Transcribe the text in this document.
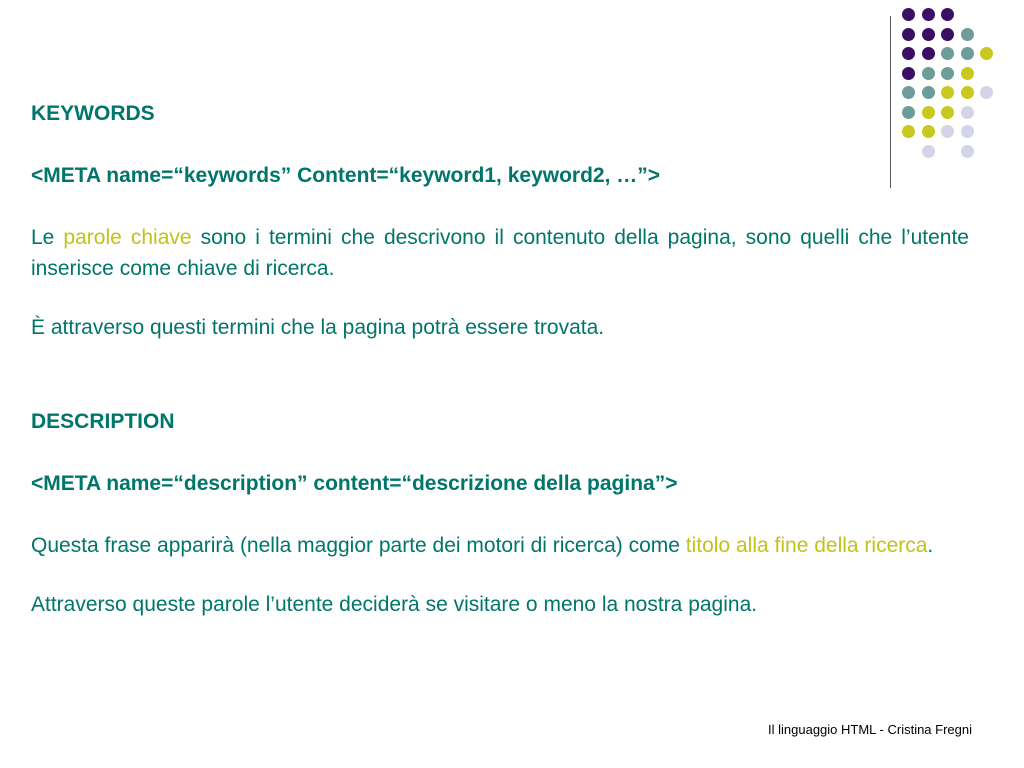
KEYWORDS

<META name=“keywords” Content=“keyword1, keyword2, …”>

Le parole chiave sono i termini che descrivono il contenuto della pagina, sono quelli che l’utente inserisce come chiave di ricerca.

È attraverso questi termini che la pagina potrà essere trovata.

DESCRIPTION

<META name=“description” content=“descrizione della pagina”>

Questa frase apparirà (nella maggior parte dei motori di ricerca) come titolo alla fine della ricerca.

Attraverso queste parole l’utente deciderà se visitare o meno la nostra pagina.

Il linguaggio HTML - Cristina Fregni
